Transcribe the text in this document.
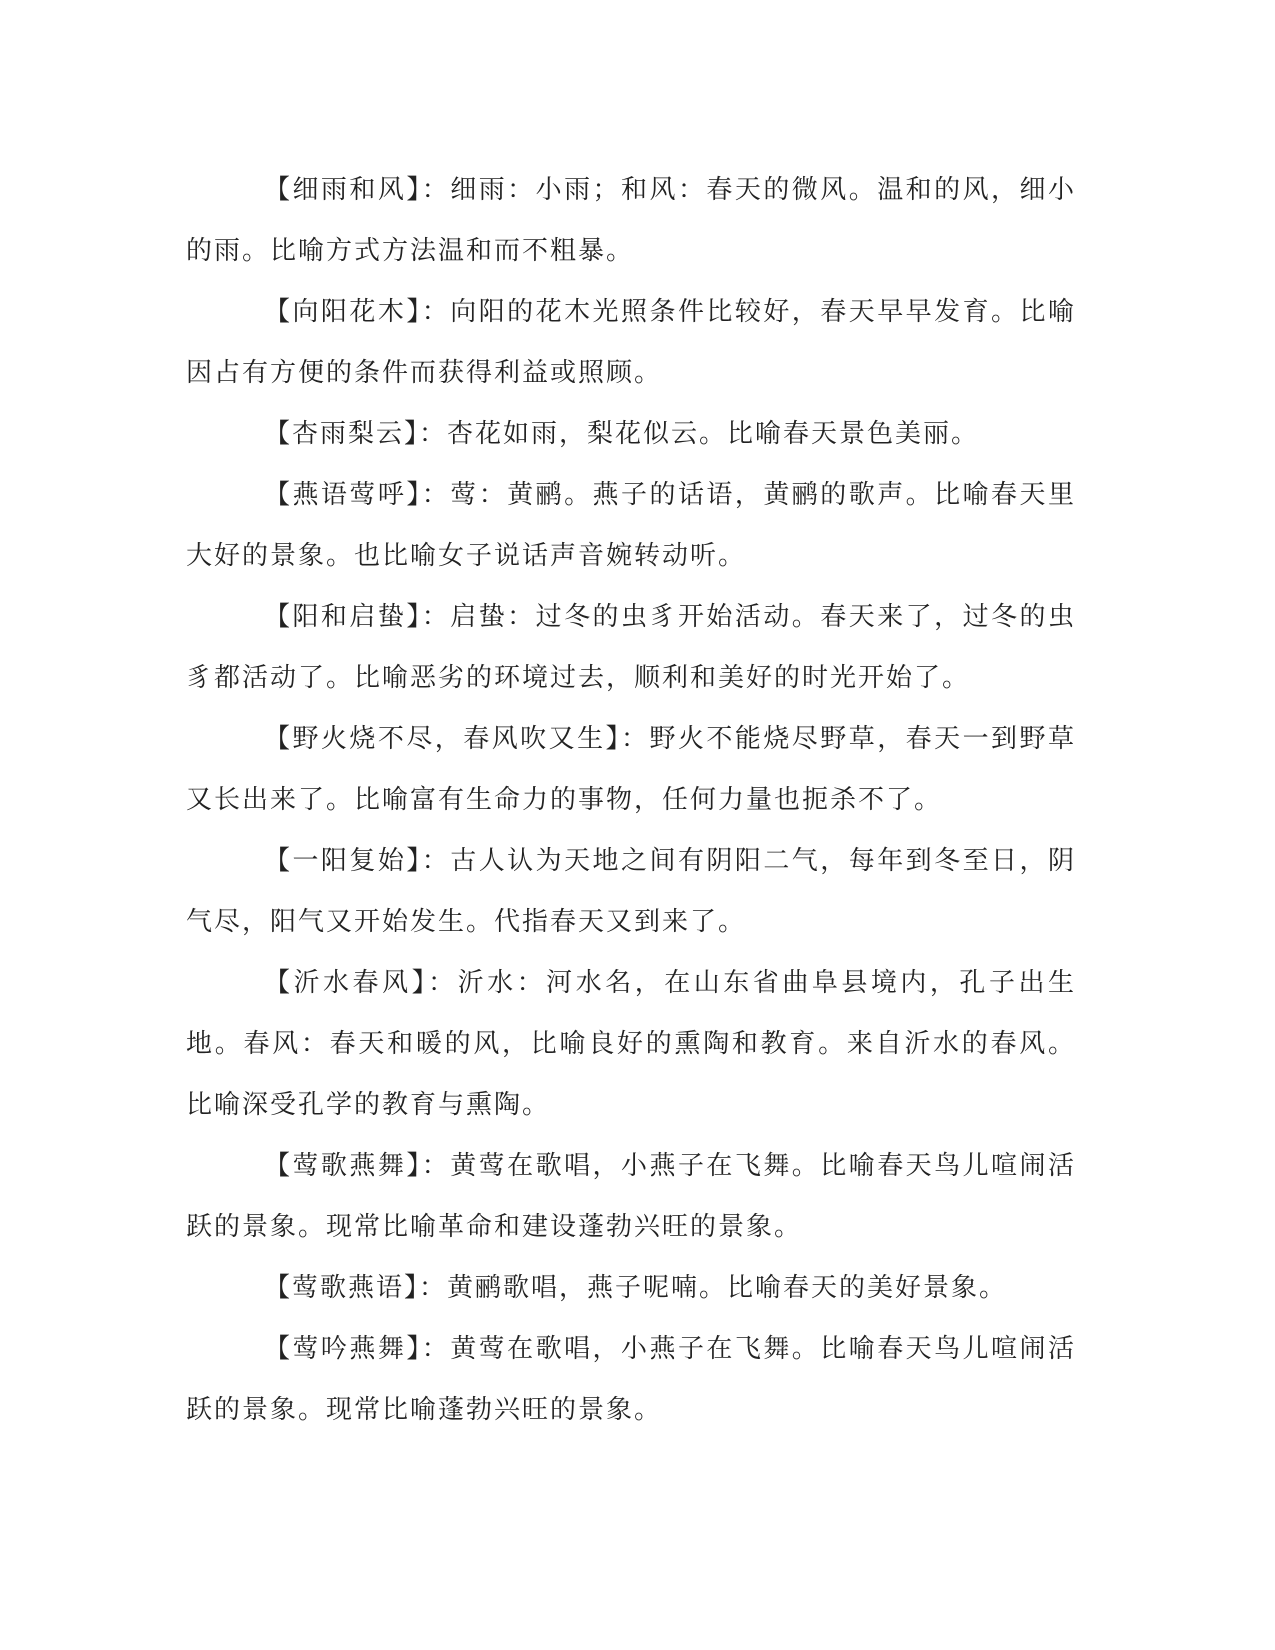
【细雨和风】：细雨：小雨；和风：春天的微风。温和的风，细小的雨。比喻方式方法温和而不粗暴。

【向阳花木】：向阳的花木光照条件比较好，春天早早发育。比喻因占有方便的条件而获得利益或照顾。

【杏雨梨云】：杏花如雨，梨花似云。比喻春天景色美丽。

【燕语莺呼】：莺：黄鹂。燕子的话语，黄鹂的歌声。比喻春天里大好的景象。也比喻女子说话声音婉转动听。

【阳和启蛰】：启蛰：过冬的虫豸开始活动。春天来了，过冬的虫豸都活动了。比喻恶劣的环境过去，顺利和美好的时光开始了。

【野火烧不尽，春风吹又生】：野火不能烧尽野草，春天一到野草又长出来了。比喻富有生命力的事物，任何力量也扼杀不了。

【一阳复始】：古人认为天地之间有阴阳二气，每年到冬至日，阴气尽，阳气又开始发生。代指春天又到来了。

【沂水春风】：沂水：河水名，在山东省曲阜县境内，孔子出生地。春风：春天和暖的风，比喻良好的熏陶和教育。来自沂水的春风。比喻深受孔学的教育与熏陶。

【莺歌燕舞】：黄莺在歌唱，小燕子在飞舞。比喻春天鸟儿喧闹活跃的景象。现常比喻革命和建设蓬勃兴旺的景象。

【莺歌燕语】：黄鹂歌唱，燕子呢喃。比喻春天的美好景象。

【莺吟燕舞】：黄莺在歌唱，小燕子在飞舞。比喻春天鸟儿喧闹活跃的景象。现常比喻蓬勃兴旺的景象。
